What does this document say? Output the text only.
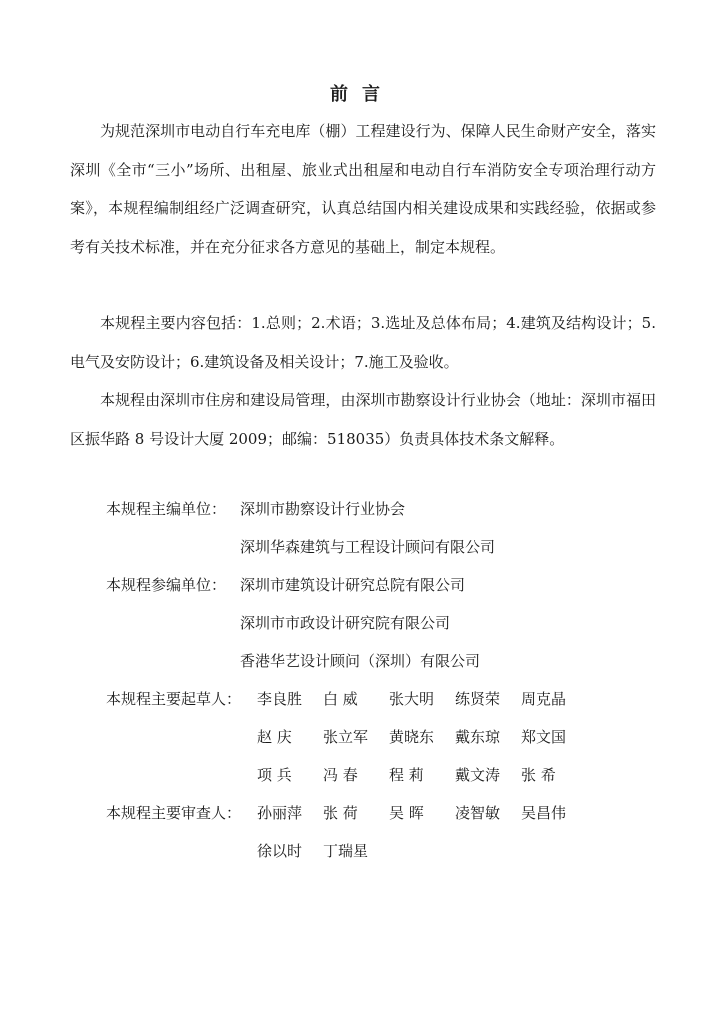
前言

为规范深圳市电动自行车充电库（棚）工程建设行为、保障人民生命财产安全，落实深圳《全市“三小”场所、出租屋、旅业式出租屋和电动自行车消防安全专项治理行动方案》，本规程编制组经广泛调查研究，认真总结国内相关建设成果和实践经验，依据或参考有关技术标准，并在充分征求各方意见的基础上，制定本规程。

本规程主要内容包括：1.总则；2.术语；3.选址及总体布局；4.建筑及结构设计；5.电气及安防设计；6.建筑设备及相关设计；7.施工及验收。

本规程由深圳市住房和建设局管理，由深圳市勘察设计行业协会（地址：深圳市福田区振华路 8 号设计大厦 2009；邮编：518035）负责具体技术条文解释。

本规程主编单位： 深圳市勘察设计行业协会
深圳华森建筑与工程设计顾问有限公司
本规程参编单位： 深圳市建筑设计研究总院有限公司
深圳市市政设计研究院有限公司
香港华艺设计顾问（深圳）有限公司
本规程主要起草人： 李良胜 白 威 张大明 练贤荣 周克晶
赵 庆 张立军 黄晓东 戴东琼 郑文国
项 兵 冯 春 程 莉 戴文涛 张 希
本规程主要审查人： 孙丽萍 张 荷 吴 晖 凌智敏 吴昌伟
徐以时 丁瑞星
